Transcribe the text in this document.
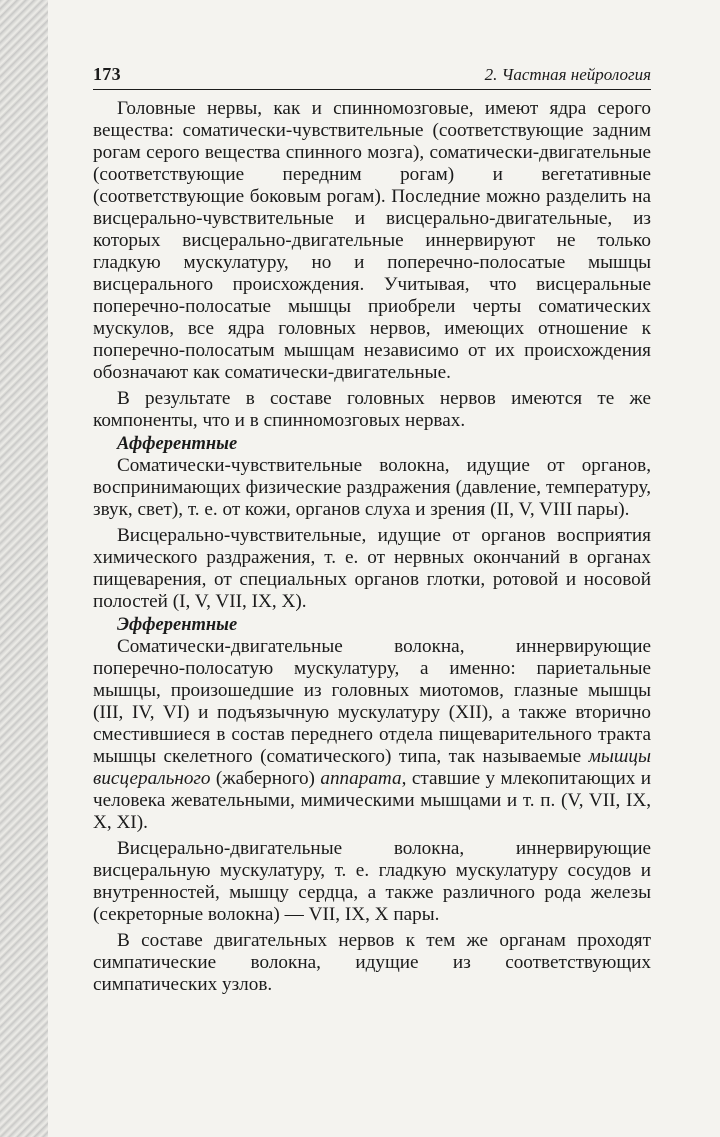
173	2. Частная нейрология

Головные нервы, как и спинномозговые, имеют ядра серого вещества: соматически-чувствительные (соответствующие задним рогам серого вещества спинного мозга), соматически-двигательные (соответствующие передним рогам) и вегетативные (соответствующие боковым рогам). Последние можно разделить на висцерально-чувствительные и висцерально-двигательные, из которых висцерально-двигательные иннервируют не только гладкую мускулатуру, но и поперечно-полосатые мышцы висцерального происхождения. Учитывая, что висцеральные поперечно-полосатые мышцы приобрели черты соматических мускулов, все ядра головных нервов, имеющих отношение к поперечно-полосатым мышцам независимо от их происхождения обозначают как соматически-двигательные.

В результате в составе головных нервов имеются те же компоненты, что и в спинномозговых нервах.

Афферентные

Соматически-чувствительные волокна, идущие от органов, воспринимающих физические раздражения (давление, температуру, звук, свет), т. е. от кожи, органов слуха и зрения (II, V, VIII пары).

Висцерально-чувствительные, идущие от органов восприятия химического раздражения, т. е. от нервных окончаний в органах пищеварения, от специальных органов глотки, ротовой и носовой полостей (I, V, VII, IX, X).

Эфферентные

Соматически-двигательные волокна, иннервирующие поперечно-полосатую мускулатуру, а именно: париетальные мышцы, произошедшие из головных миотомов, глазные мышцы (III, IV, VI) и подъязычную мускулатуру (XII), а также вторично сместившиеся в состав переднего отдела пищеварительного тракта мышцы скелетного (соматического) типа, так называемые мышцы висцерального (жаберного) аппарата, ставшие у млекопитающих и человека жевательными, мимическими мышцами и т. п. (V, VII, IX, X, XI).

Висцерально-двигательные волокна, иннервирующие висцеральную мускулатуру, т. е. гладкую мускулатуру сосудов и внутренностей, мышцу сердца, а также различного рода железы (секреторные волокна) — VII, IX, X пары.

В составе двигательных нервов к тем же органам проходят симпатические волокна, идущие из соответствующих симпатических узлов.
